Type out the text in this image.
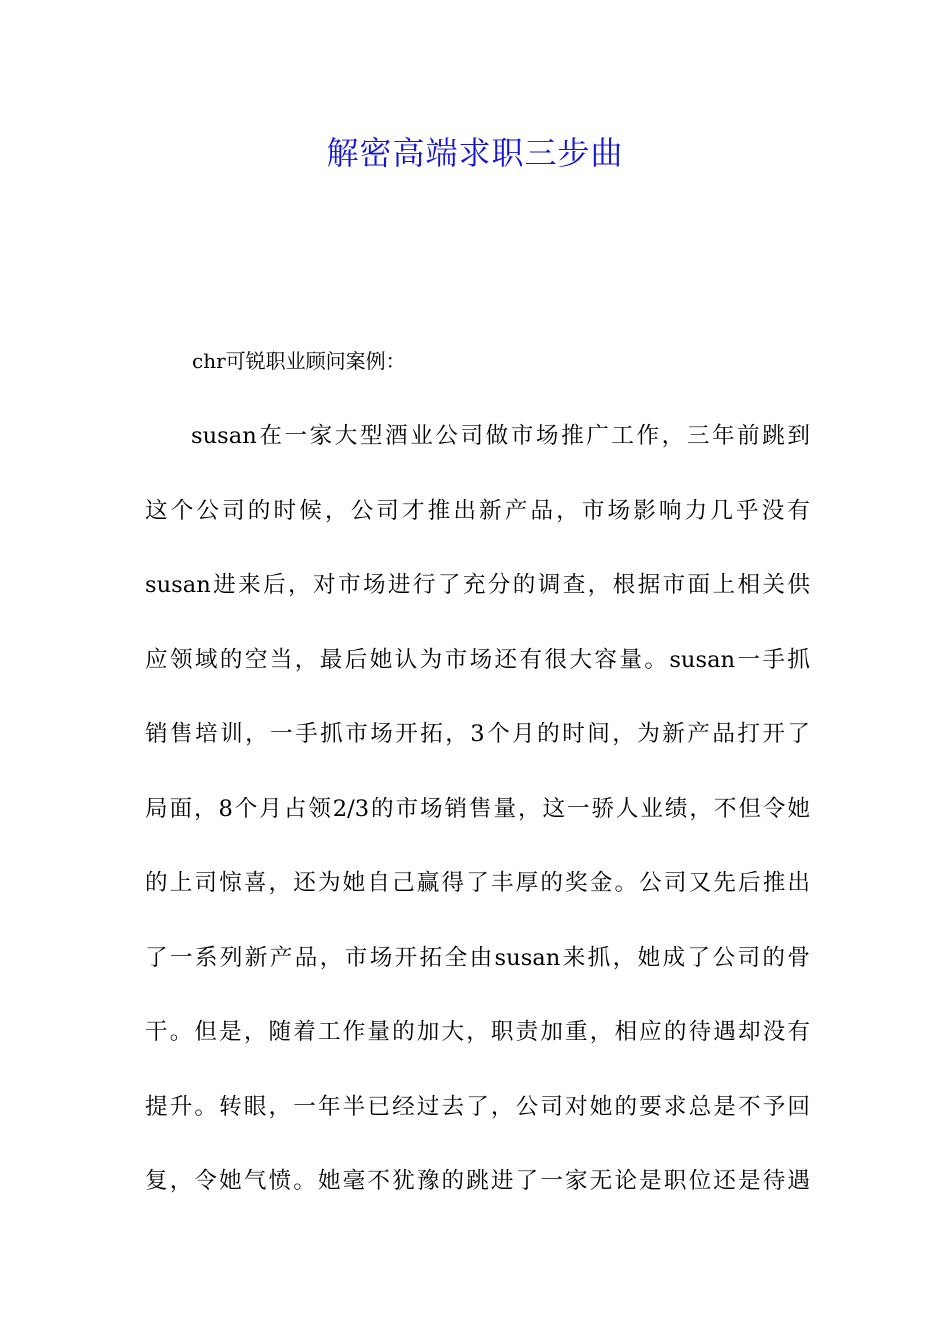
解密高端求职三步曲

chr可锐职业顾问案例：

susan在一家大型酒业公司做市场推广工作，三年前跳到
这个公司的时候，公司才推出新产品，市场影响力几乎没有
susan进来后，对市场进行了充分的调查，根据市面上相关供
应领域的空当，最后她认为市场还有很大容量。susan一手抓
销售培训，一手抓市场开拓，3个月的时间，为新产品打开了
局面，8个月占领2/3的市场销售量，这一骄人业绩，不但令她
的上司惊喜，还为她自己赢得了丰厚的奖金。公司又先后推出
了一系列新产品，市场开拓全由susan来抓，她成了公司的骨
干。但是，随着工作量的加大，职责加重，相应的待遇却没有
提升。转眼，一年半已经过去了，公司对她的要求总是不予回
复，令她气愤。她毫不犹豫的跳进了一家无论是职位还是待遇
